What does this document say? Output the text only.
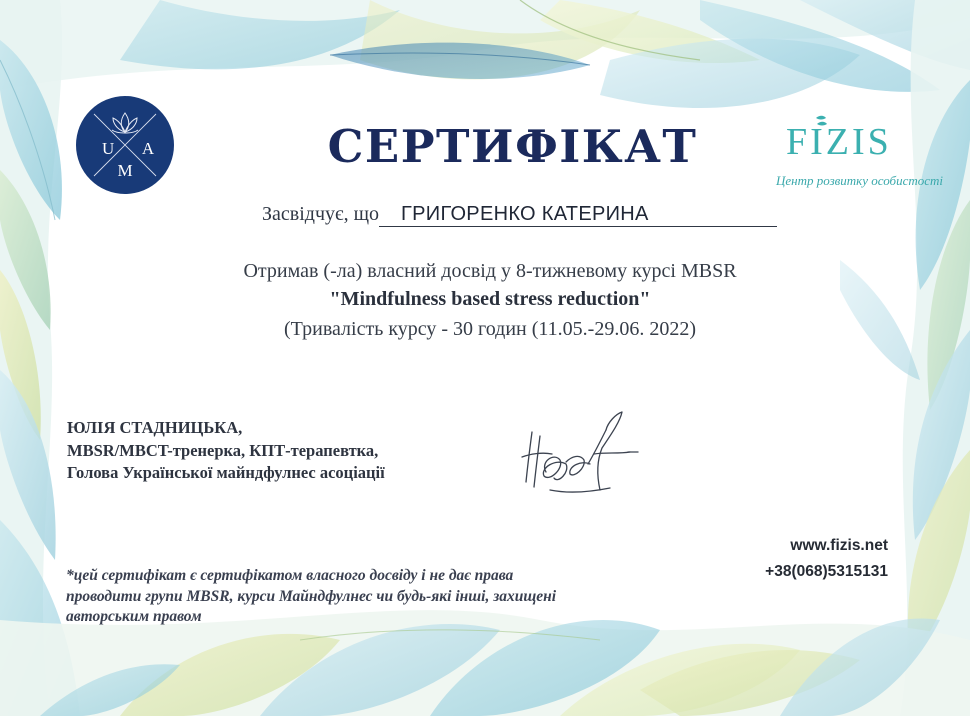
U
M
A	СЕРТИФІКАТ	FIZIS
Центр розвитку особистості
Засвідчує, що ГРИГОРЕНКО КАТЕРИНА
Отримав (-ла) власний досвід у 8-тижневому курсі MBSR
"Mindfulness based stress reduction"
(Тривалість курсу - 30 годин (11.05.-29.06. 2022)
ЮЛІЯ СТАДНИЦЬКА,
MBSR/MBCT-тренерка, КПТ-терапевтка,
Голова Української майндфулнес асоціації
www.fizis.net
+38(068)5315131
*цей сертифікат є сертифікатом власного досвіду і не дає права
проводити групи MBSR, курси Майндфулнес чи будь-які інші, захищені
авторським правом
